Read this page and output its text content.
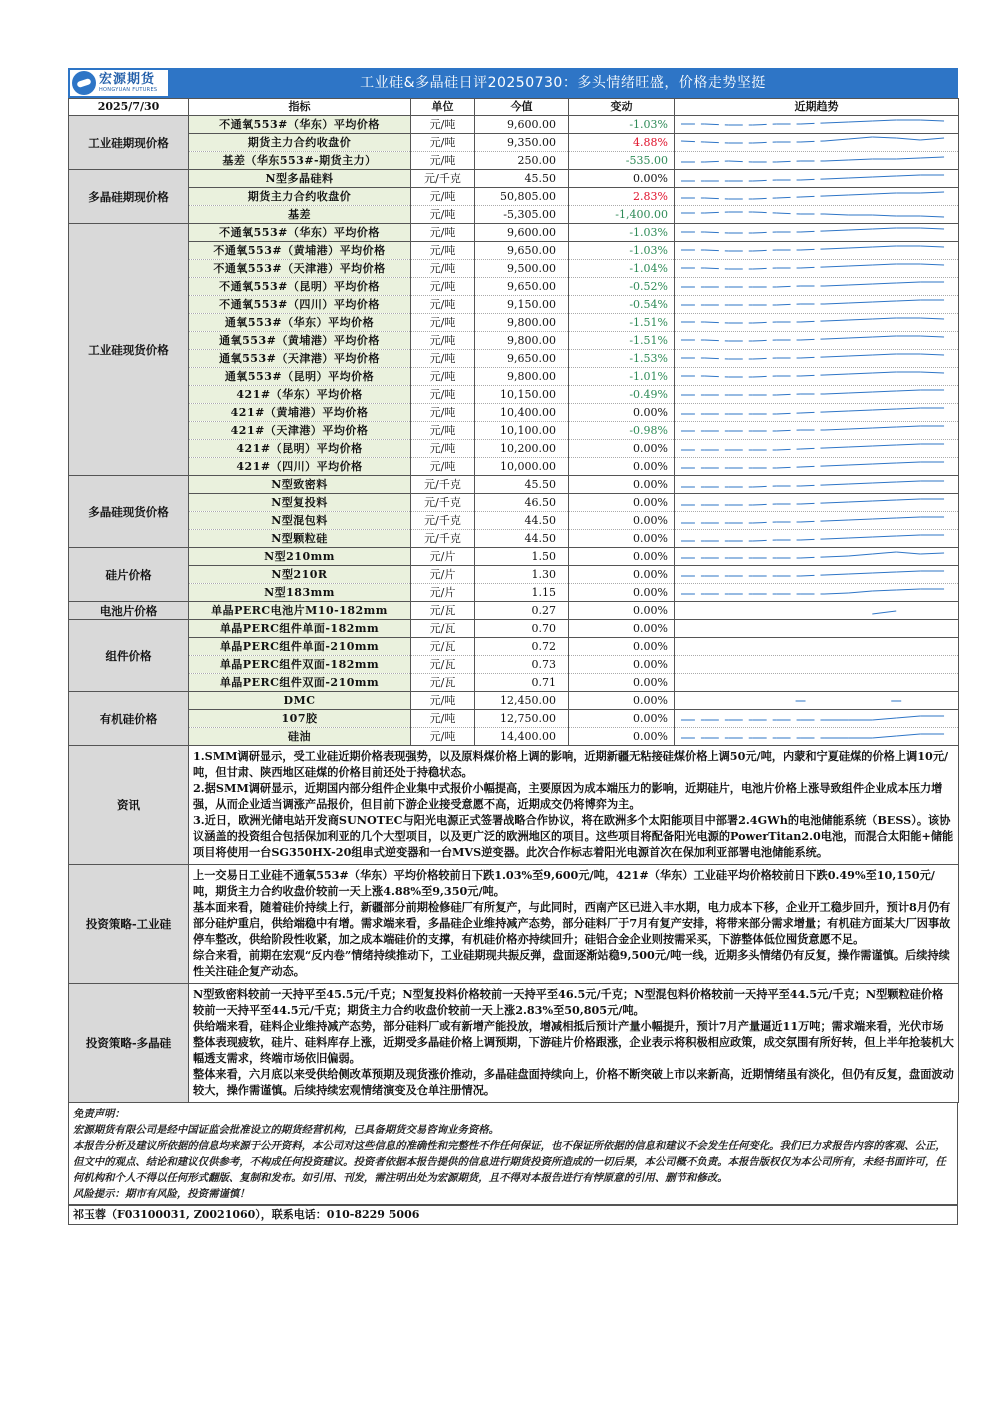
宏源期货
HONGYUAN FUTURES	工业硅&多晶硅日评20250730：多头情绪旺盛，价格走势坚挺
2025/7/30	指标	单位	今值	变动	近期趋势
工业硅期现价格	不通氧553#（华东）平均价格	元/吨	9,600.00	-1.03%	

	期货主力合约收盘价	元/吨	9,350.00	4.88%	

	基差（华东553#-期货主力）	元/吨	250.00	-535.00	

多晶硅期现价格	N型多晶硅料	元/千克	45.50	0.00%	

	期货主力合约收盘价	元/吨	50,805.00	2.83%	

	基差	元/吨	-5,305.00	-1,400.00	

工业硅现货价格	不通氧553#（华东）平均价格	元/吨	9,600.00	-1.03%	

	不通氧553#（黄埔港）平均价格	元/吨	9,650.00	-1.03%	

	不通氧553#（天津港）平均价格	元/吨	9,500.00	-1.04%	

	不通氧553#（昆明）平均价格	元/吨	9,650.00	-0.52%	

	不通氧553#（四川）平均价格	元/吨	9,150.00	-0.54%	

	通氧553#（华东）平均价格	元/吨	9,800.00	-1.51%	

	通氧553#（黄埔港）平均价格	元/吨	9,800.00	-1.51%	

	通氧553#（天津港）平均价格	元/吨	9,650.00	-1.53%	

	通氧553#（昆明）平均价格	元/吨	9,800.00	-1.01%	

	421#（华东）平均价格	元/吨	10,150.00	-0.49%	

	421#（黄埔港）平均价格	元/吨	10,400.00	0.00%	

	421#（天津港）平均价格	元/吨	10,100.00	-0.98%	

	421#（昆明）平均价格	元/吨	10,200.00	0.00%	

	421#（四川）平均价格	元/吨	10,000.00	0.00%	

多晶硅现货价格	N型致密料	元/千克	45.50	0.00%	

	N型复投料	元/千克	46.50	0.00%	

	N型混包料	元/千克	44.50	0.00%	

	N型颗粒硅	元/千克	44.50	0.00%	

硅片价格	N型210mm	元/片	1.50	0.00%	

	N型210R	元/片	1.30	0.00%	

	N型183mm	元/片	1.15	0.00%	

电池片价格	单晶PERC电池片M10-182mm	元/瓦	0.27	0.00%	

组件价格	单晶PERC组件单面-182mm	元/瓦	0.70	0.00%	

	单晶PERC组件单面-210mm	元/瓦	0.72	0.00%	

	单晶PERC组件双面-182mm	元/瓦	0.73	0.00%	

	单晶PERC组件双面-210mm	元/瓦	0.71	0.00%	

有机硅价格	DMC	元/吨	12,450.00	0.00%	

	107胶	元/吨	12,750.00	0.00%	

	硅油	元/吨	14,400.00	0.00%	

资讯	1.SMM调研显示，受工业硅近期价格表现强势，以及原料煤价格上调的影响，近期新疆无粘接硅煤价格上调50元/吨，内蒙和宁夏硅煤的价格上调10元/吨，但甘肃、陕西地区硅煤的价格目前还处于持稳状态。

2.据SMM调研显示，近期国内部分组件企业集中式报价小幅提高，主要原因为成本端压力的影响，近期硅片，电池片价格上涨导致组件企业成本压力增强，从而企业适当调涨产品报价，但目前下游企业接受意愿不高，近期成交仍将博弈为主。

3.近日，欧洲光储电站开发商SUNOTEC与阳光电源正式签署战略合作协议，将在欧洲多个太阳能项目中部署2.4GWh的电池储能系统（BESS）。该协议涵盖的投资组合包括保加利亚的几个大型项目，以及更广泛的欧洲地区的项目。这些项目将配备阳光电源的PowerTitan2.0电池，而混合太阳能+储能项目将使用一台SG350HX-20组串式逆变器和一台MVS逆变器。此次合作标志着阳光电源首次在保加利亚部署电池储能系统。				

投资策略-工业硅	上一交易日工业硅不通氧553#（华东）平均价格较前日下跌1.03%至9,600元/吨，421#（华东）工业硅平均价格较前日下跌0.49%至10,150元/吨，期货主力合约收盘价较前一天上涨4.88%至9,350元/吨。

基本面来看，随着硅价持续上行，新疆部分前期检修硅厂有所复产，与此同时，西南产区已进入丰水期，电力成本下移，企业开工稳步回升，预计8月仍有部分硅炉重启，供给端稳中有增。需求端来看，多晶硅企业维持减产态势，部分硅料厂于7月有复产安排，将带来部分需求增量；有机硅方面某大厂因事故停车整改，供给阶段性收紧，加之成本端硅价的支撑，有机硅价格亦持续回升；硅铝合金企业则按需采买，下游整体低位囤货意愿不足。

综合来看，前期在宏观“反内卷”情绪持续推动下，工业硅期现共振反弹，盘面逐渐站稳9,500元/吨一线，近期多头情绪仍有反复，操作需谨慎。后续持续性关注硅企复产动态。				

投资策略-多晶硅	N型致密料较前一天持平至45.5元/千克；N型复投料价格较前一天持平至46.5元/千克；N型混包料价格较前一天持平至44.5元/千克；N型颗粒硅价格较前一天持平至44.5元/千克；期货主力合约收盘价较前一天上涨2.83%至50,805元/吨。

供给端来看，硅料企业维持减产态势，部分硅料厂或有新增产能投放，增减相抵后预计产量小幅提升，预计7月产量逼近11万吨；需求端来看，光伏市场整体表现疲软，硅片、硅料库存上涨，近期受多晶硅价格上调预期，下游硅片价格跟涨，企业表示将积极相应政策，成交氛围有所好转，但上半年抢装机大幅透支需求，终端市场依旧偏弱。

整体来看，六月底以来受供给侧改革预期及现货涨价推动，多晶硅盘面持续向上，价格不断突破上市以来新高，近期情绪虽有淡化，但仍有反复，盘面波动较大，操作需谨慎。后续持续宏观情绪演变及仓单注册情况。				

免责声明：

宏源期货有限公司是经中国证监会批准设立的期货经营机构，已具备期货交易咨询业务资格。

本报告分析及建议所依据的信息均来源于公开资料，本公司对这些信息的准确性和完整性不作任何保证，也不保证所依据的信息和建议不会发生任何变化。我们已力求报告内容的客观、公正，但文中的观点、结论和建议仅供参考，不构成任何投资建议。投资者依据本报告提供的信息进行期货投资所造成的一切后果，本公司概不负责。本报告版权仅为本公司所有，未经书面许可，任何机构和个人不得以任何形式翻版、复制和发布。如引用、刊发，需注明出处为宏源期货，且不得对本报告进行有悖原意的引用、删节和修改。

风险提示：期市有风险，投资需谨慎！

祁玉蓉（F03100031, Z0021060），联系电话：010-8229 5006
